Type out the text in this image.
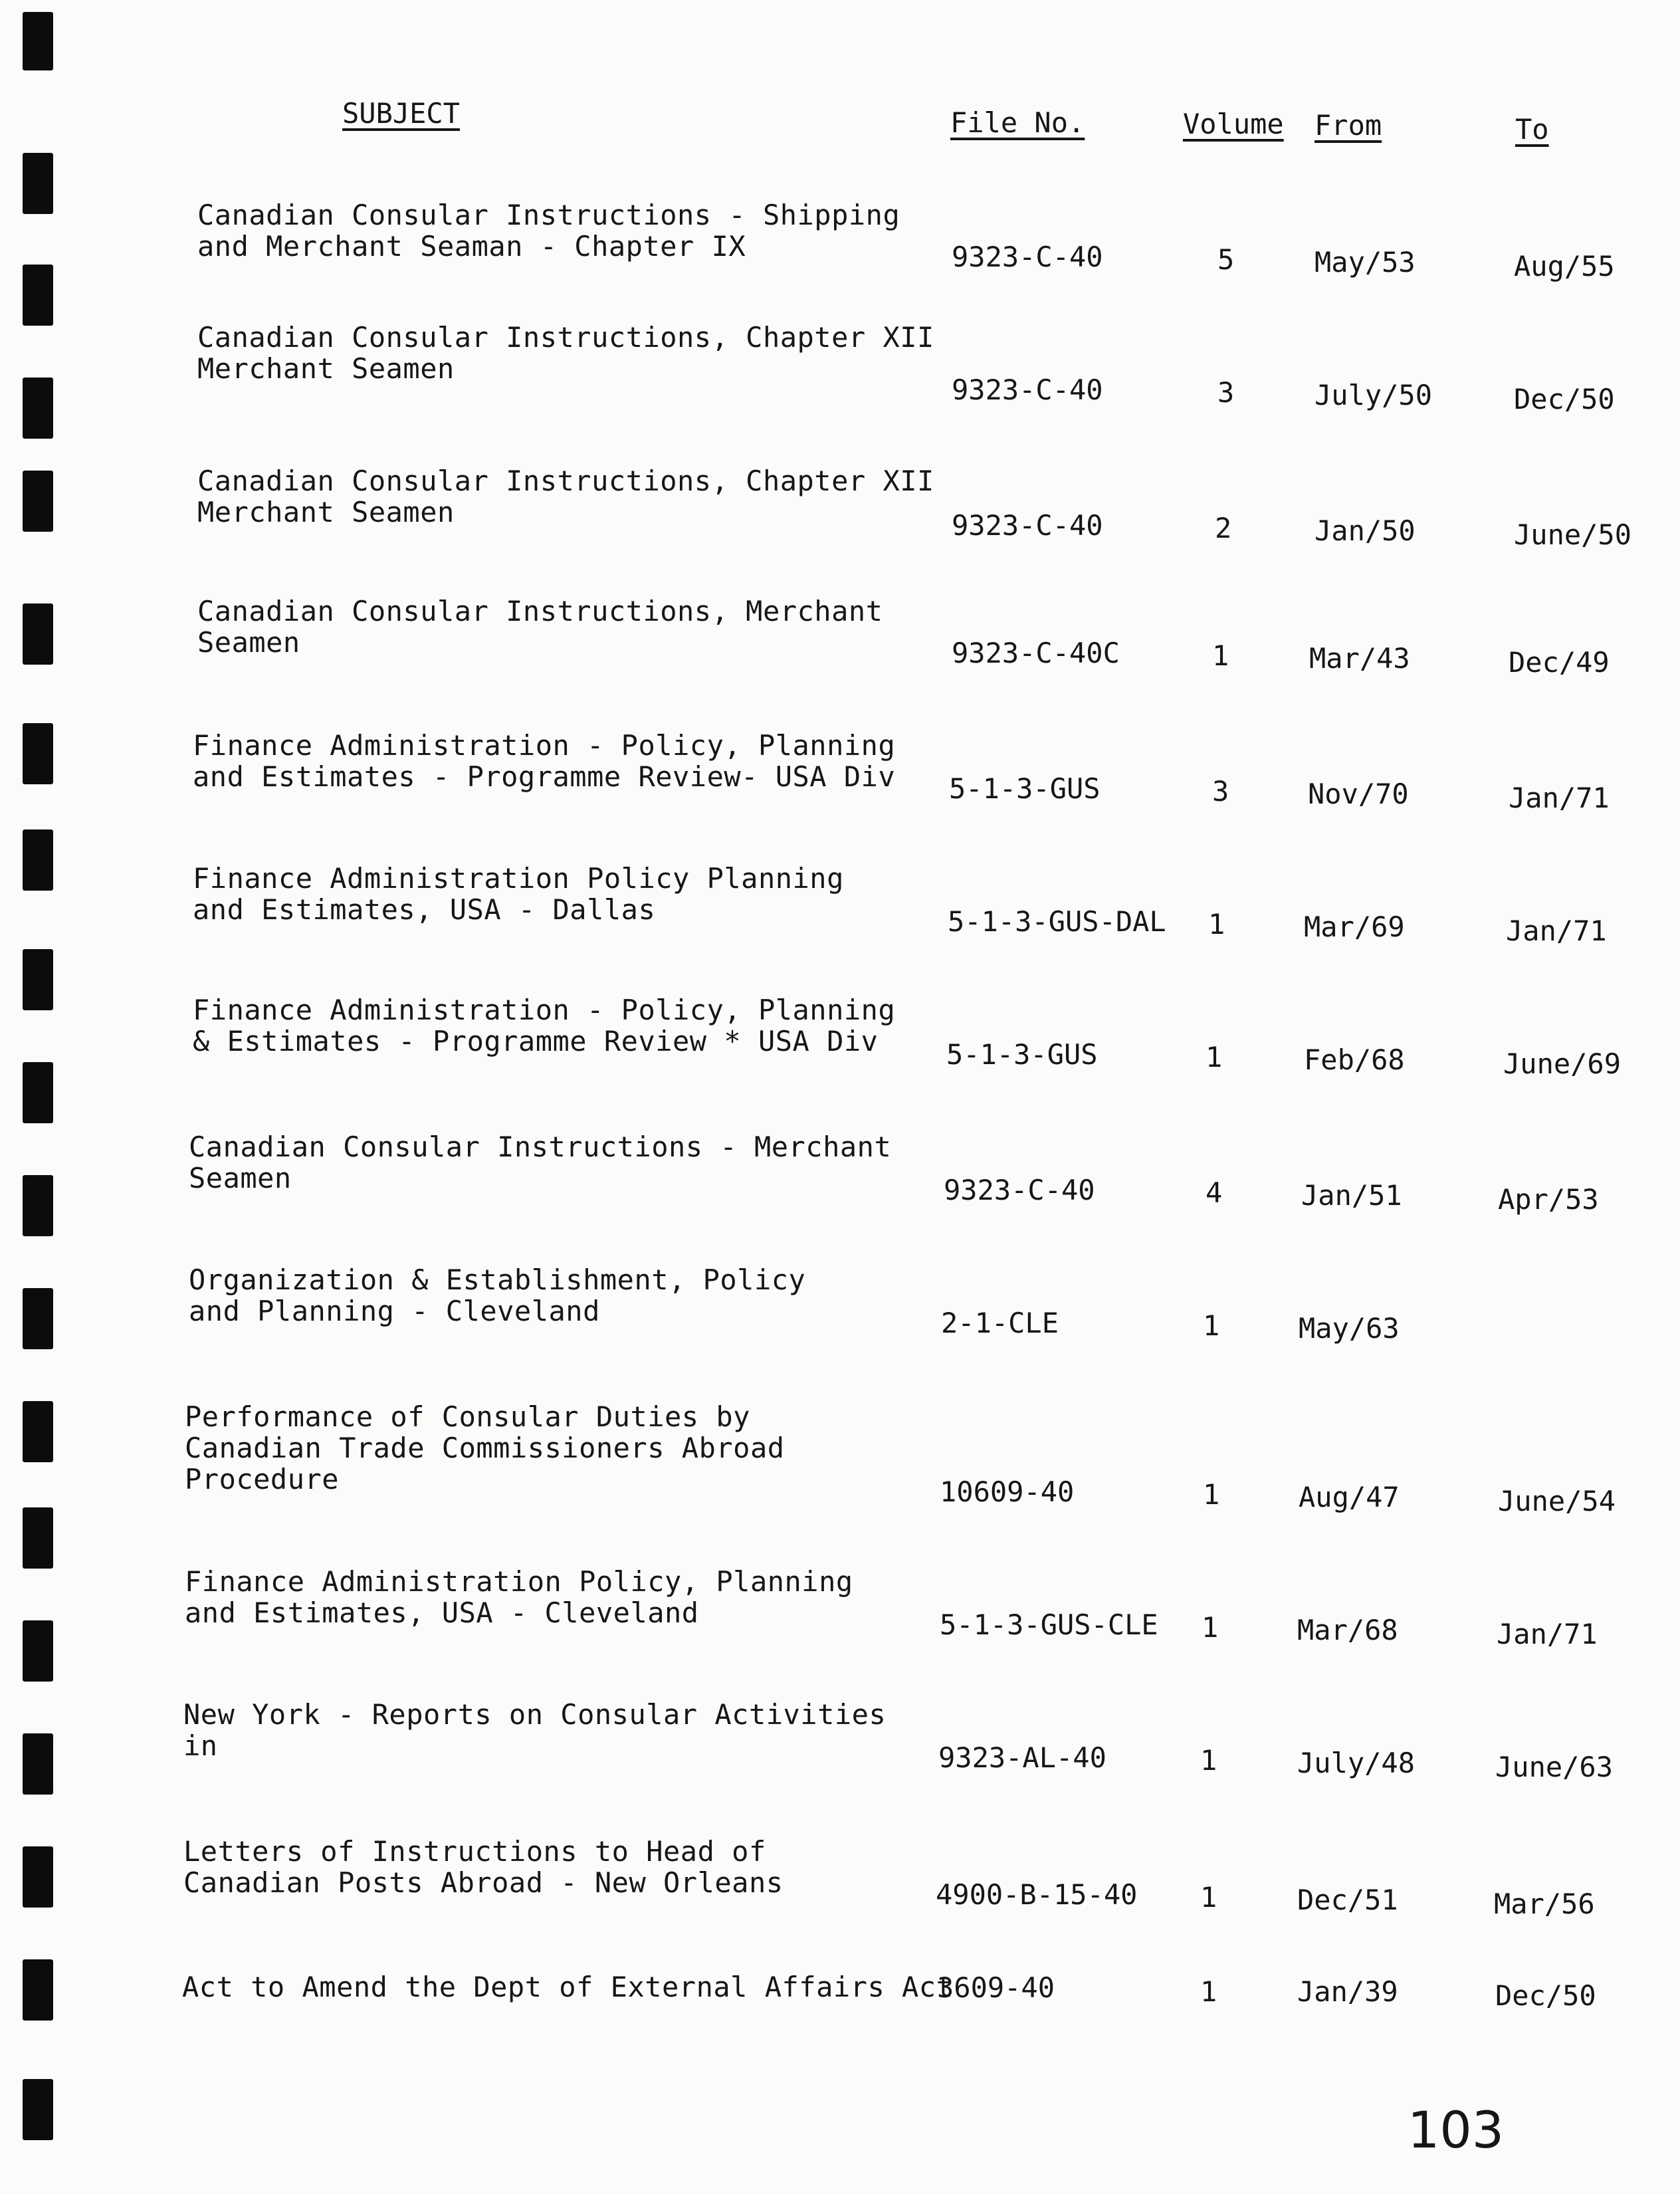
SUBJECT	File No.	Volume From	To
Canadian Consular Instructions - Shipping
and Merchant Seaman - Chapter IX	9323-C-40	5	May/53	Aug/55
Canadian Consular Instructions, Chapter XII
Merchant Seamen
9323-C-40	3	July/50	Dec/50
Canadian Consular Instructions, Chapter XII
Merchant Seamen	9323-C-40	2	Jan/50	June/50
Canadian Consular Instructions, Merchant
Seamen	9323-C-40C	1	Mar/43	Dec/49
Finance Administration - Policy, Planning
and Estimates - Programme Review- USA Div 5-1-3-GUS	3	Nov/70	Jan/71
Finance Administration Policy Planning
and Estimates, USA - Dallas	5-1-3-GUS-DAL 1	Mar/69	Jan/71
Finance Administration - Policy, Planning
& Estimates - Programme Review * USA Div	5-1-3-GUS	1	Feb/68	June/69
Canadian Consular Instructions - Merchant
Seamen	9323-C-40	4	Jan/51	Apr/53
Organization & Establishment, Policy
and Planning - Cleveland	2-1-CLE	1	May/63
Performance of Consular Duties by
Canadian Trade Commissioners Abroad
Procedure	10609-40	1	Aug/47	June/54
Finance Administration Policy, Planning
and Estimates, USA - Cleveland	5-1-3-GUS-CLE 1	Mar/68	Jan/71
New York - Reports on Consular Activities
in	9323-AL-40	1	July/48	June/63
Letters of Instructions to Head of
Canadian Posts Abroad - New Orleans	4900-B-15-40 1	Dec/51	Mar/56
Act to Amend the Dept of External Affairs Act
3609-40	1	Jan/39	Dec/50
103
